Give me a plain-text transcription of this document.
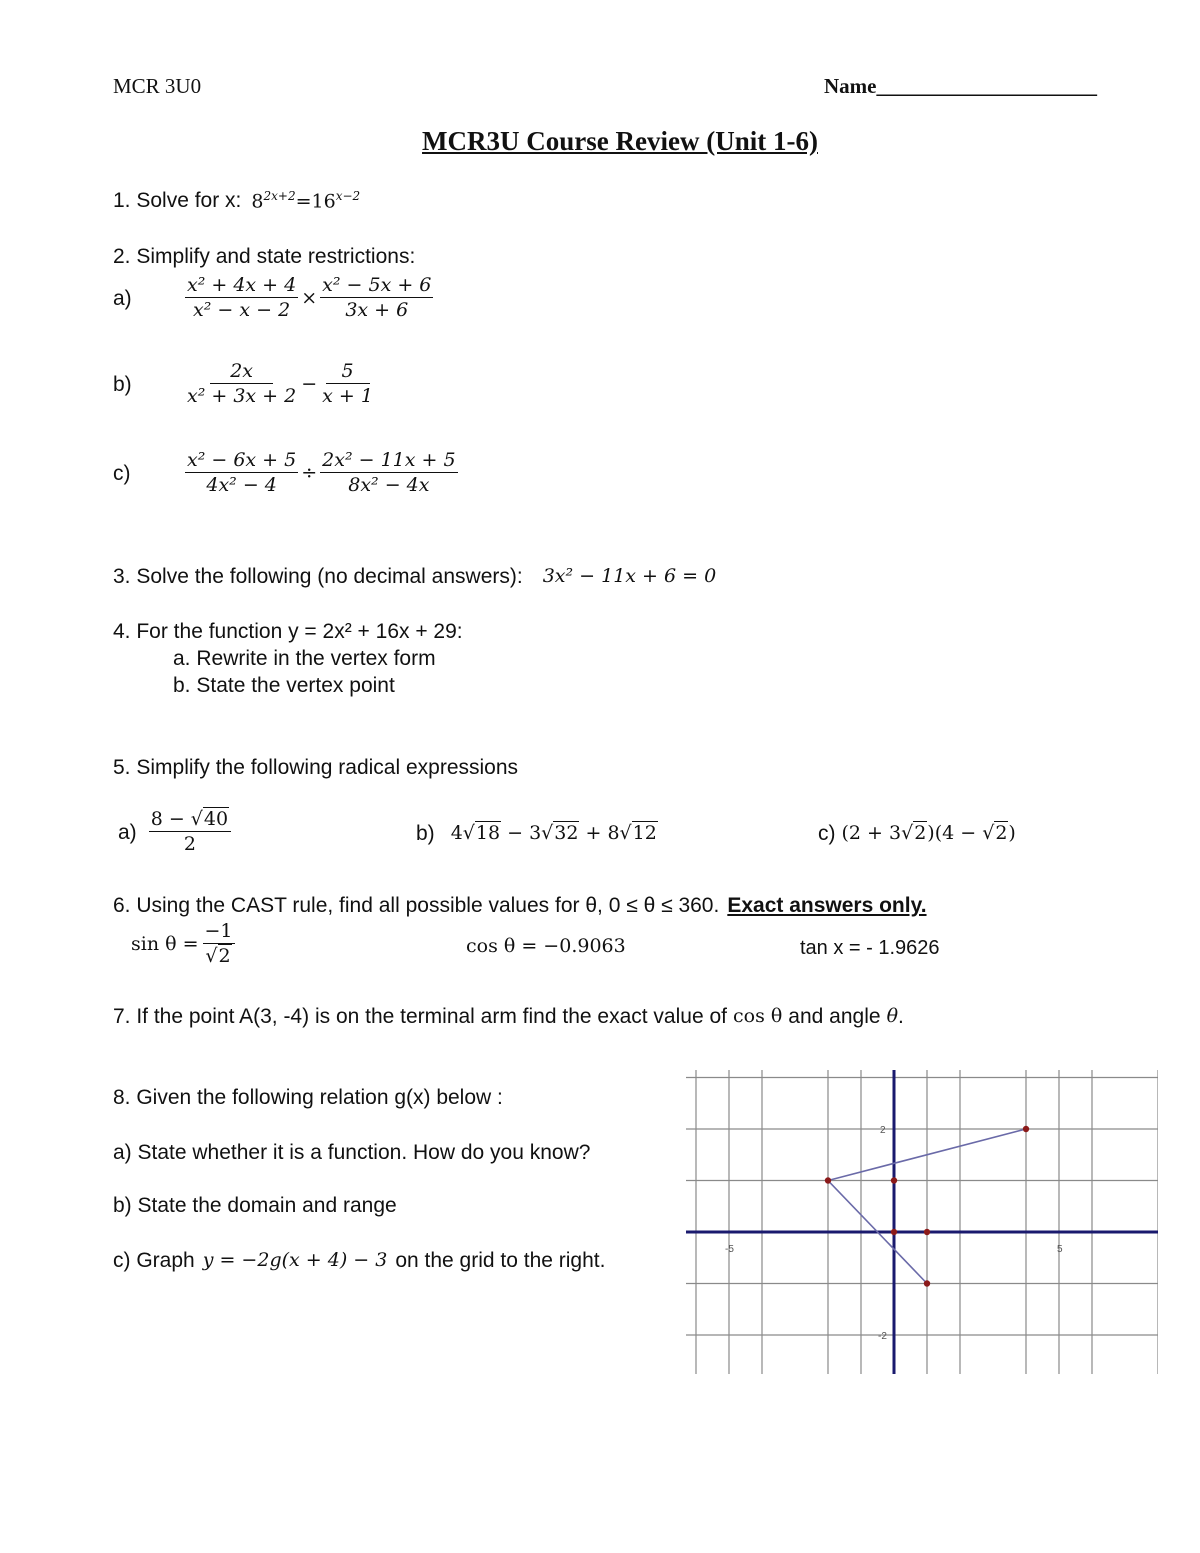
MCR 3U0	Name_____________________
MCR3U Course Review (Unit 1-6)
1. Solve for x: $8^{2x+2}=16^{x-2}$
2. Simplify and state restrictions:
a)	$\frac{\text{x² + 4x + 4}}{\text{x² − x − 2}} \times \frac{\text{x² − 5x + 6}}{3x + 6}$
b)	$\frac{2x}{\text{x² + 3x + 2}} - \frac{5}{x + 1}$
c)	$\frac{\text{x² − 6x + 5}}{\text{4x² − 4}} \div \frac{\text{2x² − 11x + 5}}{\text{8x² − 4x}}$
3. Solve the following (no decimal answers): 3x² − 11x + 6 = 0
4. For the function y = 2x² + 16x + 29:
a. Rewrite in the vertex form
b. State the vertex point
5. Simplify the following radical expressions
$a) \frac{8 - √40}{2}$	b) 4√18 − 3√32 + 8√12	c) (2 + 3√2)(4 − √2)
6. Using the CAST rule, find all possible values for θ, 0 ≤ θ ≤ 360. Exact answers only.
$\sin \theta = \frac{-1}{√2}$	cos θ = −0.9063	tan x = - 1.9626
7. If the point A(3, -4) is on the terminal arm find the exact value of cos θ and angle θ .
8. Given the following relation g(x) below :
a) State whether it is a function. How do you know?
b) State the domain and range
c) Graph y = −2g(x + 4) − 3 on the grid to the right.
2
-5	5
-2
